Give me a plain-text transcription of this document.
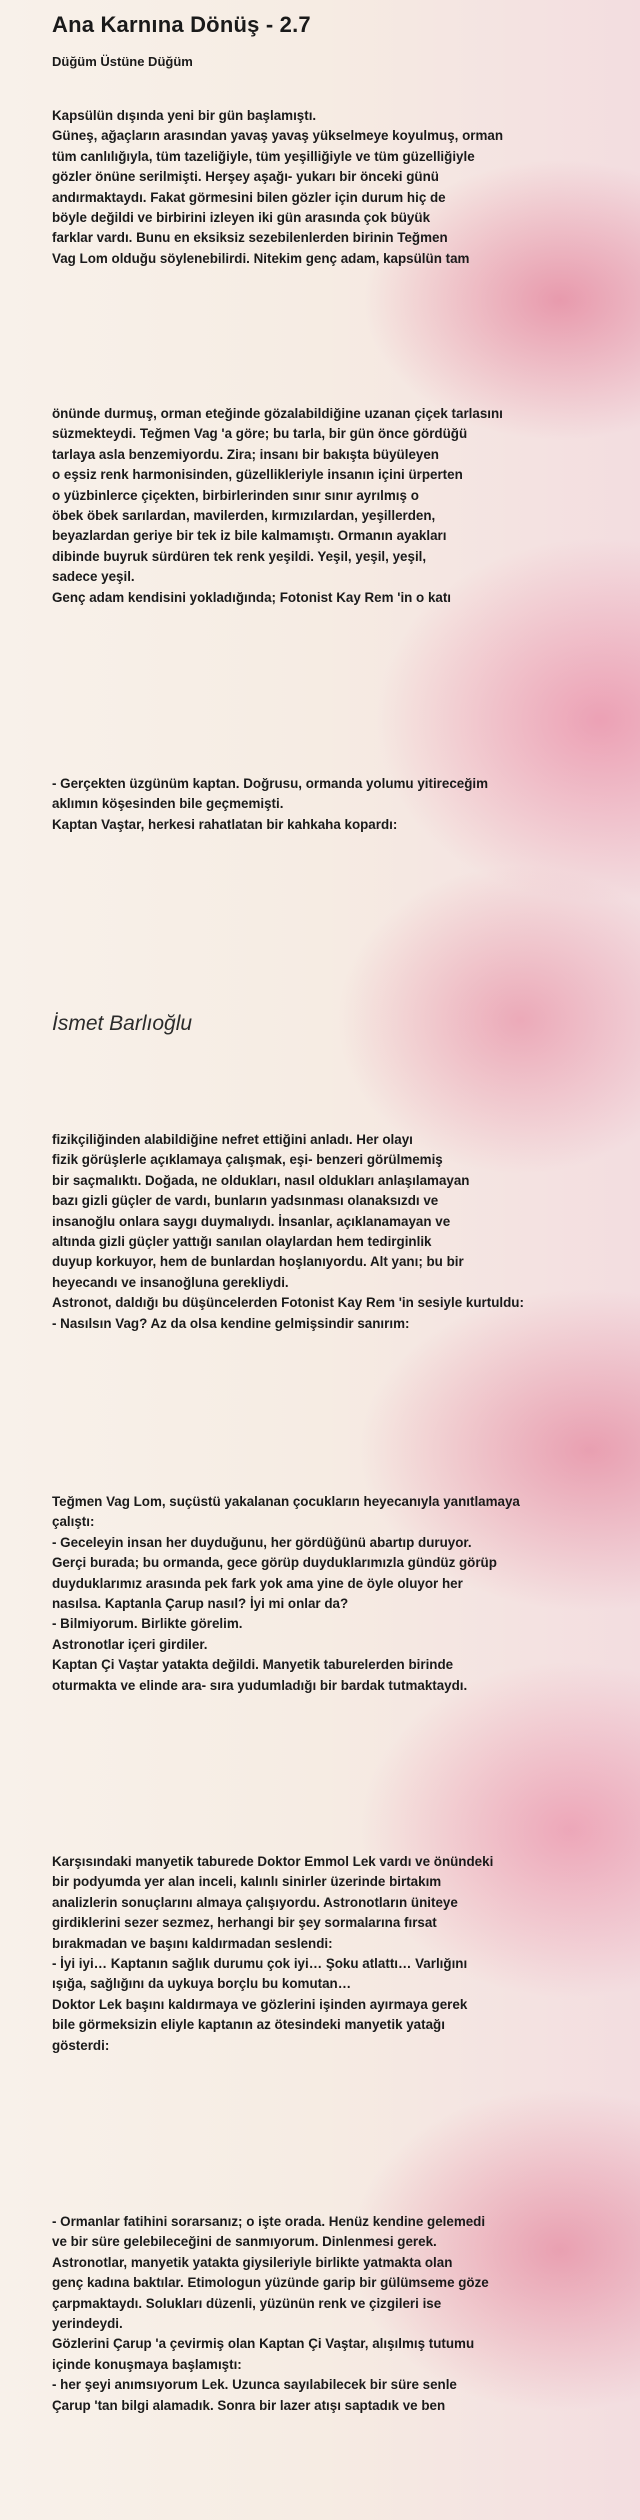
Ana Karnına Dönüş - 2.7
Düğüm Üstüne Düğüm
Kapsülün dışında yeni bir gün başlamıştı.
Güneş, ağaçların arasından yavaş yavaş yükselmeye koyulmuş, orman
tüm canlılığıyla, tüm tazeliğiyle, tüm yeşilliğiyle ve tüm güzelliğiyle
gözler önüne serilmişti. Herşey aşağı- yukarı bir önceki günü
andırmaktaydı. Fakat görmesini bilen gözler için durum hiç de
böyle değildi ve birbirini izleyen iki gün arasında çok büyük
farklar vardı. Bunu en eksiksiz sezebilenlerden birinin Teğmen
Vag Lom olduğu söylenebilirdi. Nitekim genç adam, kapsülün tam
önünde durmuş, orman eteğinde gözalabildiğine uzanan çiçek tarlasını
süzmekteydi. Teğmen Vag 'a göre; bu tarla, bir gün önce gördüğü
tarlaya asla benzemiyordu. Zira; insanı bir bakışta büyüleyen
o eşsiz renk harmonisinden, güzellikleriyle insanın içini ürperten
o yüzbinlerce çiçekten, birbirlerinden sınır sınır ayrılmış o
öbek öbek sarılardan, mavilerden, kırmızılardan, yeşillerden,
beyazlardan geriye bir tek iz bile kalmamıştı. Ormanın ayakları
dibinde buyruk sürdüren tek renk yeşildi. Yeşil, yeşil, yeşil,
sadece yeşil.
Genç adam kendisini yokladığında; Fotonist Kay Rem 'in o katı
- Gerçekten üzgünüm kaptan. Doğrusu, ormanda yolumu yitireceğim
aklımın köşesinden bile geçmemişti.
Kaptan Vaştar, herkesi rahatlatan bir kahkaha kopardı:
İsmet Barlıoğlu
fizikçiliğinden alabildiğine nefret ettiğini anladı. Her olayı
fizik görüşlerle açıklamaya çalışmak, eşi- benzeri görülmemiş
bir saçmalıktı. Doğada, ne oldukları, nasıl oldukları anlaşılamayan
bazı gizli güçler de vardı, bunların yadsınması olanaksızdı ve
insanoğlu onlara saygı duymalıydı. İnsanlar, açıklanamayan ve
altında gizli güçler yattığı sanılan olaylardan hem tedirginlik
duyup korkuyor, hem de bunlardan hoşlanıyordu. Alt yanı; bu bir
heyecandı ve insanoğluna gerekliydi.
Astronot, daldığı bu düşüncelerden Fotonist Kay Rem 'in sesiyle kurtuldu:
- Nasılsın Vag? Az da olsa kendine gelmişsindir sanırım:
Teğmen Vag Lom, suçüstü yakalanan çocukların heyecanıyla yanıtlamaya
çalıştı:
- Geceleyin insan her duyduğunu, her gördüğünü abartıp duruyor.
Gerçi burada; bu ormanda, gece görüp duyduklarımızla gündüz görüp
duyduklarımız arasında pek fark yok ama yine de öyle oluyor her
nasılsa. Kaptanla Çarup nasıl? İyi mi onlar da?
- Bilmiyorum. Birlikte görelim.
Astronotlar içeri girdiler.
Kaptan Çi Vaştar yatakta değildi. Manyetik taburelerden birinde
oturmakta ve elinde ara- sıra yudumladığı bir bardak tutmaktaydı.
Karşısındaki manyetik taburede Doktor Emmol Lek vardı ve önündeki
bir podyumda yer alan inceli, kalınlı sinirler üzerinde birtakım
analizlerin sonuçlarını almaya çalışıyordu. Astronotların üniteye
girdiklerini sezer sezmez, herhangi bir şey sormalarına fırsat
bırakmadan ve başını kaldırmadan seslendi:
- İyi iyi… Kaptanın sağlık durumu çok iyi… Şoku atlattı… Varlığını
ışığa, sağlığını da uykuya borçlu bu komutan…
Doktor Lek başını kaldırmaya ve gözlerini işinden ayırmaya gerek
bile görmeksizin eliyle kaptanın az ötesindeki manyetik yatağı
gösterdi:
- Ormanlar fatihini sorarsanız; o işte orada. Henüz kendine gelemedi
ve bir süre gelebileceğini de sanmıyorum. Dinlenmesi gerek.
Astronotlar, manyetik yatakta giysileriyle birlikte yatmakta olan
genç kadına baktılar. Etimologun yüzünde garip bir gülümseme göze
çarpmaktaydı. Solukları düzenli, yüzünün renk ve çizgileri ise
yerindeydi.
Gözlerini Çarup 'a çevirmiş olan Kaptan Çi Vaştar, alışılmış tutumu
içinde konuşmaya başlamıştı:
- her şeyi anımsıyorum Lek. Uzunca sayılabilecek bir süre senle
Çarup 'tan bilgi alamadık. Sonra bir lazer atışı saptadık ve ben
